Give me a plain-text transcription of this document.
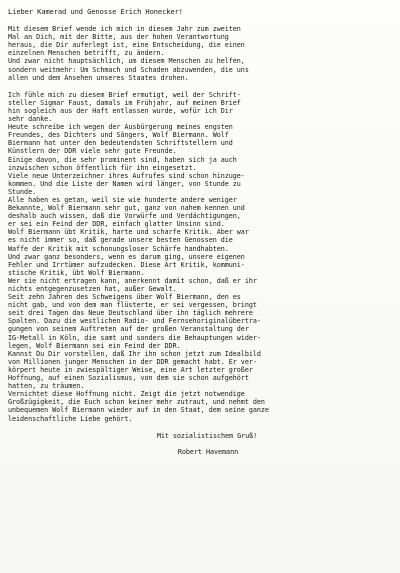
Lieber Kamerad und Genosse Erich Honecker!
Mit diesem Brief wende ich mich in diesem Jahr zum zweiten
Mal an Dich, mit der Bitte, aus der hohen Verantwortung
heraus, die Dir auferlegt ist, eine Entscheidung, die einen
einzelnen Menschen betrifft, zu ändern.
Und zwar nicht hauptsächlich, um diesem Menschen zu helfen,
sondern weitmehr: Um Schmach und Schaden abzuwenden, die uns
allen und dem Ansehen unseres Staates drohen.
Ich fühle mich zu diesem Brief ermutigt, weil der Schrift-
steller Sigmar Faust, damals im Frühjahr, auf meinen Brief
hin sogleich aus der Haft entlassen wurde, wofür ich Dir
sehr danke.
Heute schreibe ich wegen der Ausbürgerung meines engsten
Freundes, des Dichters und Sängers, Wolf Biermann. Wolf
Biermann hat unter den bedeutendsten Schriftstellern und
Künstlern der DDR viele sehr gute Freunde.
Einige davon, die sehr prominent sind, haben sich ja auch
inzwischen schon öffentlich für ihn eingesetzt.
Viele neue Unterzeichner ihres Aufrufes sind schon hinzuge-
kommen. Und die Liste der Namen wird länger, von Stunde zu
Stunde.
Alle haben es getan, weil sie wie hunderte andere weniger
Bekannte, Wolf Biermann sehr gut, ganz von nahem kennen und
deshalb auch wissen, daß die Vorwürfe und Verdächtigungen,
er sei ein Feind der DDR, einfach glatter Unsinn sind.
Wolf Biermann übt Kritik, harte und scharfe Kritik. Aber war
es nicht immer so, daß gerade unsere besten Genossen die
Waffe der Kritik mit schonungsloser Schärfe handhabten.
Und zwar ganz besonders, wenn es darum ging, unsere eigenen
Fehler und Irrtümer aufzudecken. Diese Art Kritik, kommuni-
stische Kritik, übt Wolf Biermann.
Wer sie nicht ertragen kann, anerkennt damit schon, daß er ihr
nichts entgegenzusetzen hat, außer Gewalt.
Seit zehn Jahren des Schweigens über Wolf Biermann, den es
nicht gab, und von dem man flüsterte, er sei vergessen, bringt
seit drei Tagen das Neue Deutschland über ihn täglich mehrere
Spalten. Dazu die westlichen Radio- und Fernsehoriginalübertra-
gungen von seinem Auftreten auf der großen Veranstaltung der
IG-Metall in Köln, die samt und sonders die Behauptungen wider-
legen, Wolf Biermann sei ein Feind der DDR.
Kannst Du Dir vorstellen, daß Ihr ihn schon jetzt zum Idealbild
von Millionen junger Menschen in der DDR gemacht habt. Er ver-
körpert heute in zwiespältiger Weise, eine Art letzter großer
Hoffnung, auf einen Sozialismus, von dem sie schon aufgehört
hatten, zu träumen.
Vernichtet diese Hoffnung nicht. Zeigt die jetzt notwendige
Großzügigkeit, die Euch schon keiner mehr zutraut, und nehmt den
unbequemen Wolf Biermann wieder auf in den Staat, dem seine ganze
leidenschaftliche Liebe gehört.
Mit sozialistischem Gruß!
Robert Havemann
